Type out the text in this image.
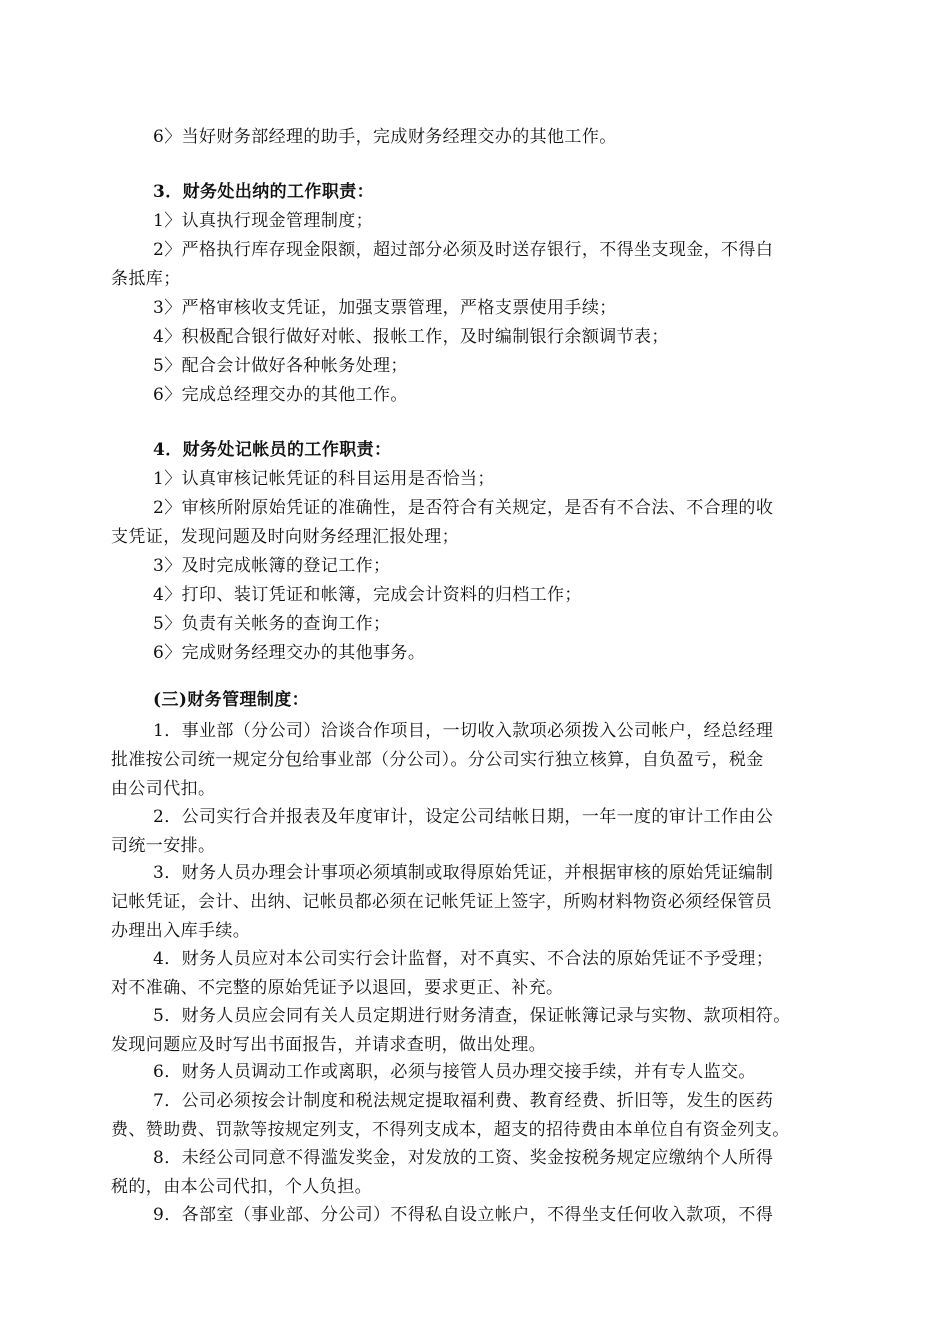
6〉当好财务部经理的助手，完成财务经理交办的其他工作。
3．财务处出纳的工作职责：
1〉认真执行现金管理制度；
2〉严格执行库存现金限额，超过部分必须及时送存银行，不得坐支现金，不得白
条抵库；
3〉严格审核收支凭证，加强支票管理，严格支票使用手续；
4〉积极配合银行做好对帐、报帐工作，及时编制银行余额调节表；
5〉配合会计做好各种帐务处理；
6〉完成总经理交办的其他工作。
4．财务处记帐员的工作职责：
1〉认真审核记帐凭证的科目运用是否恰当；
2〉审核所附原始凭证的准确性，是否符合有关规定，是否有不合法、不合理的收
支凭证，发现问题及时向财务经理汇报处理；
3〉及时完成帐簿的登记工作；
4〉打印、装订凭证和帐簿，完成会计资料的归档工作；
5〉负责有关帐务的查询工作；
6〉完成财务经理交办的其他事务。
(三)财务管理制度：
1．事业部（分公司）洽谈合作项目，一切收入款项必须拨入公司帐户，经总经理
批准按公司统一规定分包给事业部（分公司）。分公司实行独立核算，自负盈亏，税金
由公司代扣。
2．公司实行合并报表及年度审计，设定公司结帐日期，一年一度的审计工作由公
司统一安排。
3．财务人员办理会计事项必须填制或取得原始凭证，并根据审核的原始凭证编制
记帐凭证，会计、出纳、记帐员都必须在记帐凭证上签字，所购材料物资必须经保管员
办理出入库手续。
4．财务人员应对本公司实行会计监督，对不真实、不合法的原始凭证不予受理；
对不准确、不完整的原始凭证予以退回，要求更正、补充。
5．财务人员应会同有关人员定期进行财务清查，保证帐簿记录与实物、款项相符。
发现问题应及时写出书面报告，并请求查明，做出处理。
6．财务人员调动工作或离职，必须与接管人员办理交接手续，并有专人监交。
7．公司必须按会计制度和税法规定提取福利费、教育经费、折旧等，发生的医药
费、赞助费、罚款等按规定列支，不得列支成本，超支的招待费由本单位自有资金列支。
8．未经公司同意不得滥发奖金，对发放的工资、奖金按税务规定应缴纳个人所得
税的，由本公司代扣，个人负担。
9．各部室（事业部、分公司）不得私自设立帐户，不得坐支任何收入款项，不得
